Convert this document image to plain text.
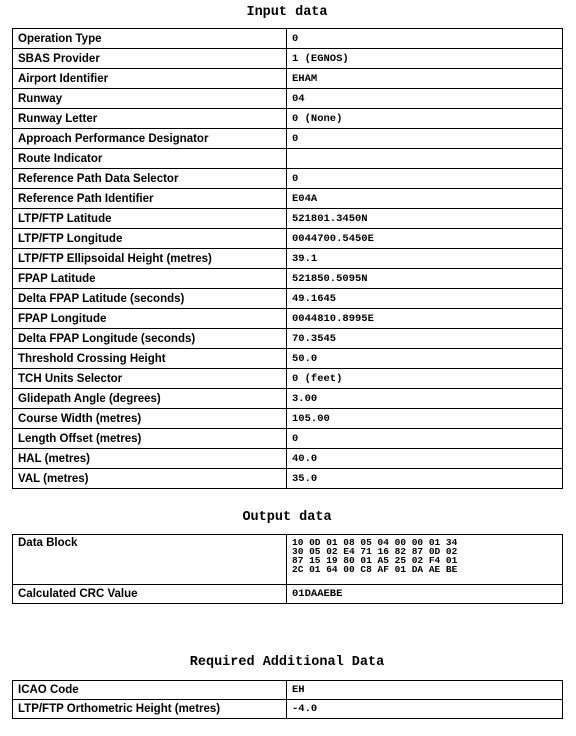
Input data
Operation Type	0
SBAS Provider	1 (EGNOS)
Airport Identifier	EHAM
Runway	04
Runway Letter	0 (None)
Approach Performance Designator	0
Route Indicator	
Reference Path Data Selector	0
Reference Path Identifier	E04A
LTP/FTP Latitude	521801.3450N
LTP/FTP Longitude	0044700.5450E
LTP/FTP Ellipsoidal Height (metres)	39.1
FPAP Latitude	521850.5095N
Delta FPAP Latitude (seconds)	49.1645
FPAP Longitude	0044810.8995E
Delta FPAP Longitude (seconds)	70.3545
Threshold Crossing Height	50.0
TCH Units Selector	0 (feet)
Glidepath Angle (degrees)	3.00
Course Width (metres)	105.00
Length Offset (metres)	0
HAL (metres)	40.0
VAL (metres)	35.0
Output data
Data Block	10 0D 01 08 05 04 00 00 01 34
30 05 02 E4 71 16 82 87 0D 02
87 15 19 80 01 A5 25 02 F4 01
2C 01 64 00 C8 AF 01 DA AE BE

Calculated CRC Value	01DAAEBE
Required Additional Data
ICAO Code	EH
LTP/FTP Orthometric Height (metres)	-4.0
